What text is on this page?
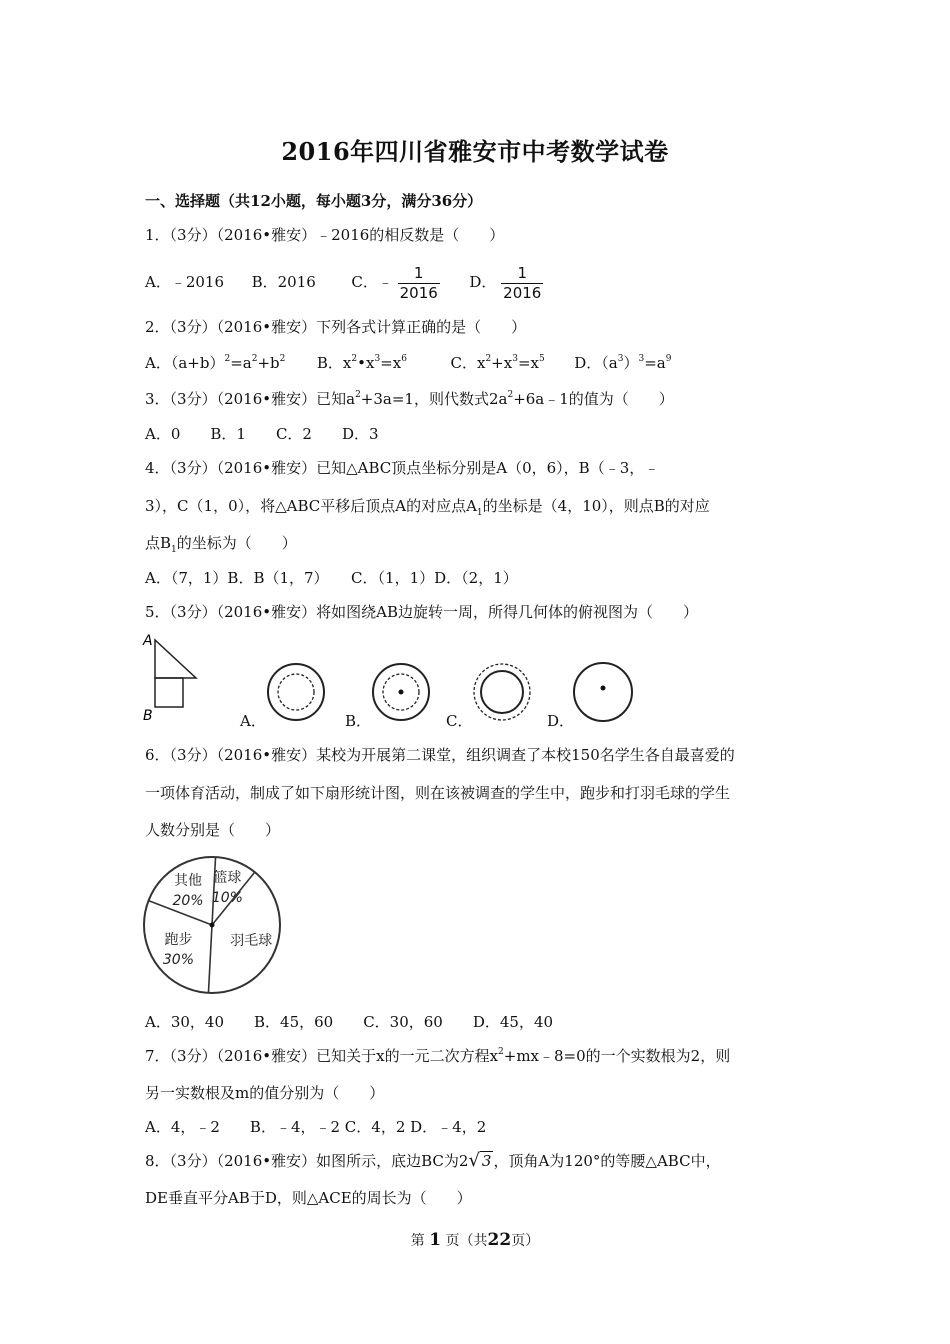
2016年四川省雅安市中考数学试卷
一、选择题（共12小题，每小题3分，满分36分）
1．（3分）（2016•雅安）﹣2016的相反数是（　　）
A．﹣2016 B．2016 C．﹣ $\frac{1}{2016}$ D． $\frac{1}{2016}$
2．（3分）（2016•雅安）下列各式计算正确的是（　　）
A．$(a+b)^2=a^2+b^2$ B．$x^2•x^3=x^6$	C．$x^2+x^3=x^5$ D．$(a^3)^3=a^9$
3．（3分）（2016•雅安）已知$a^2+3a=1$，则代数式$2a^2+6a﹣1$的值为（　　）
A．0　　B．1　　C．2　　D．3
4．（3分）（2016•雅安）已知△ABC顶点坐标分别是A（0，6），B（﹣3，﹣
3），C（1，0），将△ABC平移后顶点A的对应点$A_1$的坐标是（4，10），则点B的对应
点$B_1$的坐标为（　　）
A．（7，1）B．B（1，7）　　C．（1，1）D．（2，1）
5．（3分）（2016•雅安）将如图绕AB边旋转一周，所得几何体的俯视图为（　　）
A
B	A．	B．	C．	D．
6．（3分）（2016•雅安）某校为开展第二课堂，组织调查了本校150名学生各自最喜爱的
一项体育活动，制成了如下扇形统计图，则在该被调查的学生中，跑步和打羽毛球的学生
人数分别是（　　）
篮球 10%
羽毛球
跑步 30%
其他 20%
A．30，40　　B．45，60　　C．30，60　　D．45，40
7．（3分）（2016•雅安）已知关于x的一元二次方程$x^2+mx﹣8=0$的一个实数根为2，则
另一实数根及m的值分别为（　　）
A．4，﹣2　　B．﹣4，﹣2 C．4，2 D．﹣4，2
8．（3分）（2016•雅安）如图所示，底边BC为2√ 3 ，顶角A为120°的等腰△ABC中，
DE垂直平分AB于D，则△ACE的周长为（　　）
第 1 页（共22页）
